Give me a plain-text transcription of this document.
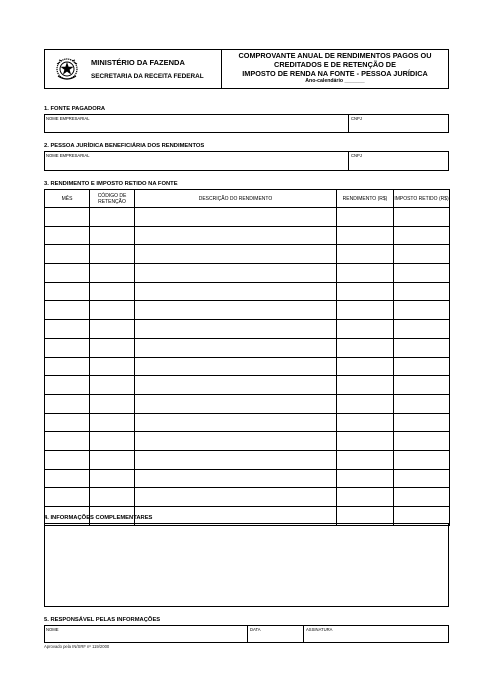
MINISTÉRIO DA FAZENDA
SECRETARIA DA RECEITA FEDERAL
COMPROVANTE ANUAL DE RENDIMENTOS PAGOS OU
CREDITADOS E DE RETENÇÃO DE
IMPOSTO DE RENDA NA FONTE - PESSOA JURÍDICA
Ano-calendário _______
1. FONTE PAGADORA
NOME EMPRESARIAL	CNPJ
2. PESSOA JURÍDICA BENEFICIÁRIA DOS RENDIMENTOS
NOME EMPRESARIAL	CNPJ
3. RENDIMENTO E IMPOSTO RETIDO NA FONTE
MÊS	CÓDIGO DE RETENÇÃO	DESCRIÇÃO DO RENDIMENTO	RENDIMENTO (R$)	IMPOSTO RETIDO (R$)

4. INFORMAÇÕES COMPLEMENTARES
5. RESPONSÁVEL PELAS INFORMAÇÕES
NOME	DATA	ASSINATURA
Aprovado pela IN/SRF nº 119/2000
